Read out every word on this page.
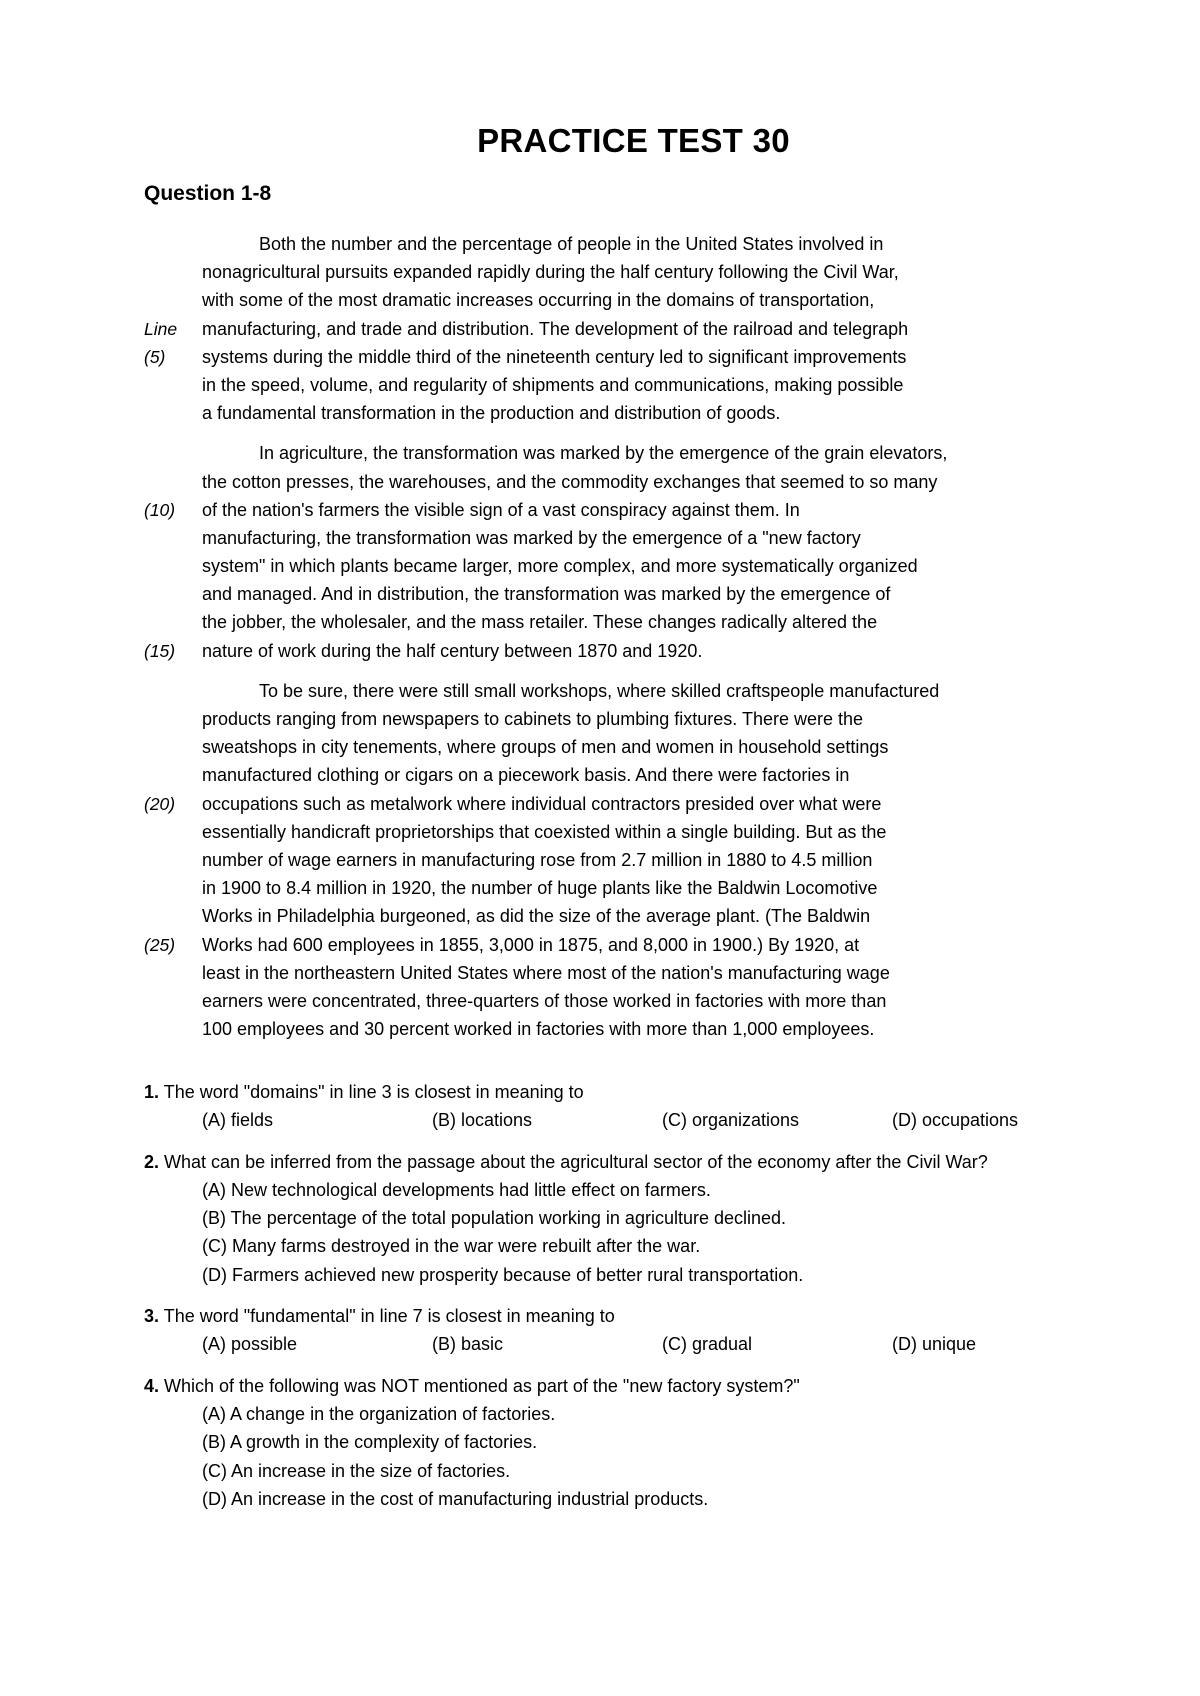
PRACTICE TEST 30
Question 1-8
Both the number and the percentage of people in the United States involved in
nonagricultural pursuits expanded rapidly during the half century following the Civil War,
with some of the most dramatic increases occurring in the domains of transportation,
Line manufacturing, and trade and distribution. The development of the railroad and telegraph
(5) systems during the middle third of the nineteenth century led to significant improvements
in the speed, volume, and regularity of shipments and communications, making possible
a fundamental transformation in the production and distribution of goods.
In agriculture, the transformation was marked by the emergence of the grain elevators,
the cotton presses, the warehouses, and the commodity exchanges that seemed to so many
(10) of the nation's farmers the visible sign of a vast conspiracy against them. In
manufacturing, the transformation was marked by the emergence of a "new factory
system" in which plants became larger, more complex, and more systematically organized
and managed. And in distribution, the transformation was marked by the emergence of
the jobber, the wholesaler, and the mass retailer. These changes radically altered the
(15) nature of work during the half century between 1870 and 1920.
To be sure, there were still small workshops, where skilled craftspeople manufactured
products ranging from newspapers to cabinets to plumbing fixtures. There were the
sweatshops in city tenements, where groups of men and women in household settings
manufactured clothing or cigars on a piecework basis. And there were factories in
(20) occupations such as metalwork where individual contractors presided over what were
essentially handicraft proprietorships that coexisted within a single building. But as the
number of wage earners in manufacturing rose from 2.7 million in 1880 to 4.5 million
in 1900 to 8.4 million in 1920, the number of huge plants like the Baldwin Locomotive
Works in Philadelphia burgeoned, as did the size of the average plant. (The Baldwin
(25) Works had 600 employees in 1855, 3,000 in 1875, and 8,000 in 1900.) By 1920, at
least in the northeastern United States where most of the nation's manufacturing wage
earners were concentrated, three-quarters of those worked in factories with more than
100 employees and 30 percent worked in factories with more than 1,000 employees.
1. The word "domains" in line 3 is closest in meaning to
(A) fields	(B) locations	(C) organizations	(D) occupations
2. What can be inferred from the passage about the agricultural sector of the economy after the Civil War?
(A) New technological developments had little effect on farmers.
(B) The percentage of the total population working in agriculture declined.
(C) Many farms destroyed in the war were rebuilt after the war.
(D) Farmers achieved new prosperity because of better rural transportation.
3. The word "fundamental" in line 7 is closest in meaning to
(A) possible	(B) basic	(C) gradual	(D) unique
4. Which of the following was NOT mentioned as part of the "new factory system?"
(A) A change in the organization of factories.
(B) A growth in the complexity of factories.
(C) An increase in the size of factories.
(D) An increase in the cost of manufacturing industrial products.
